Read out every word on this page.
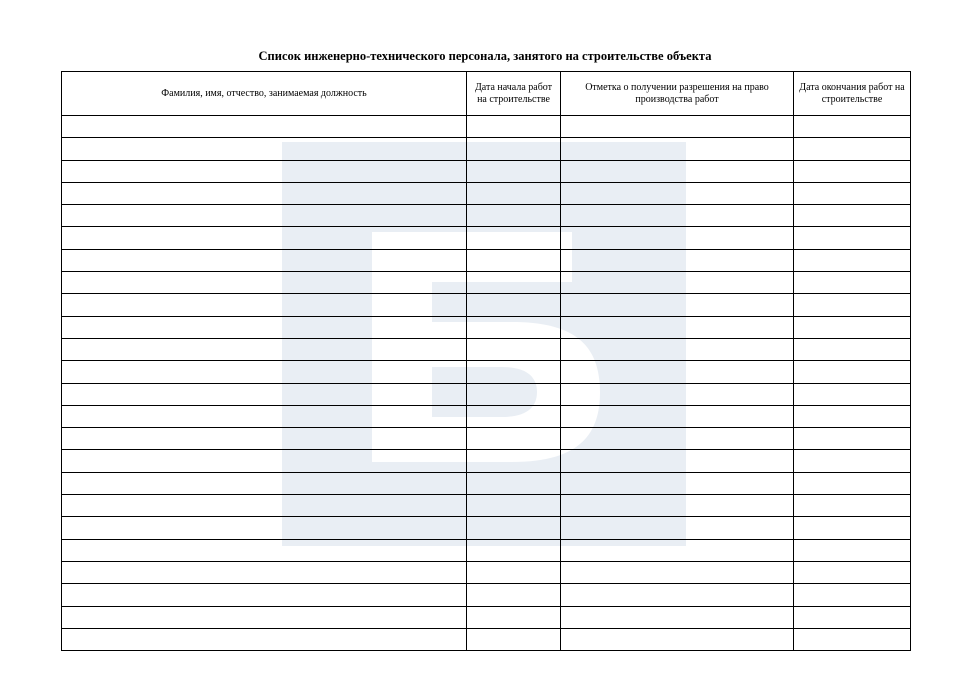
Список инженерно-технического персонала, занятого на строительстве объекта
Фамилия, имя, отчество, занимаемая должность	Дата начала работ на строительстве	Отметка о получении разрешения на право производства работ	Дата окончания работ на строительстве
